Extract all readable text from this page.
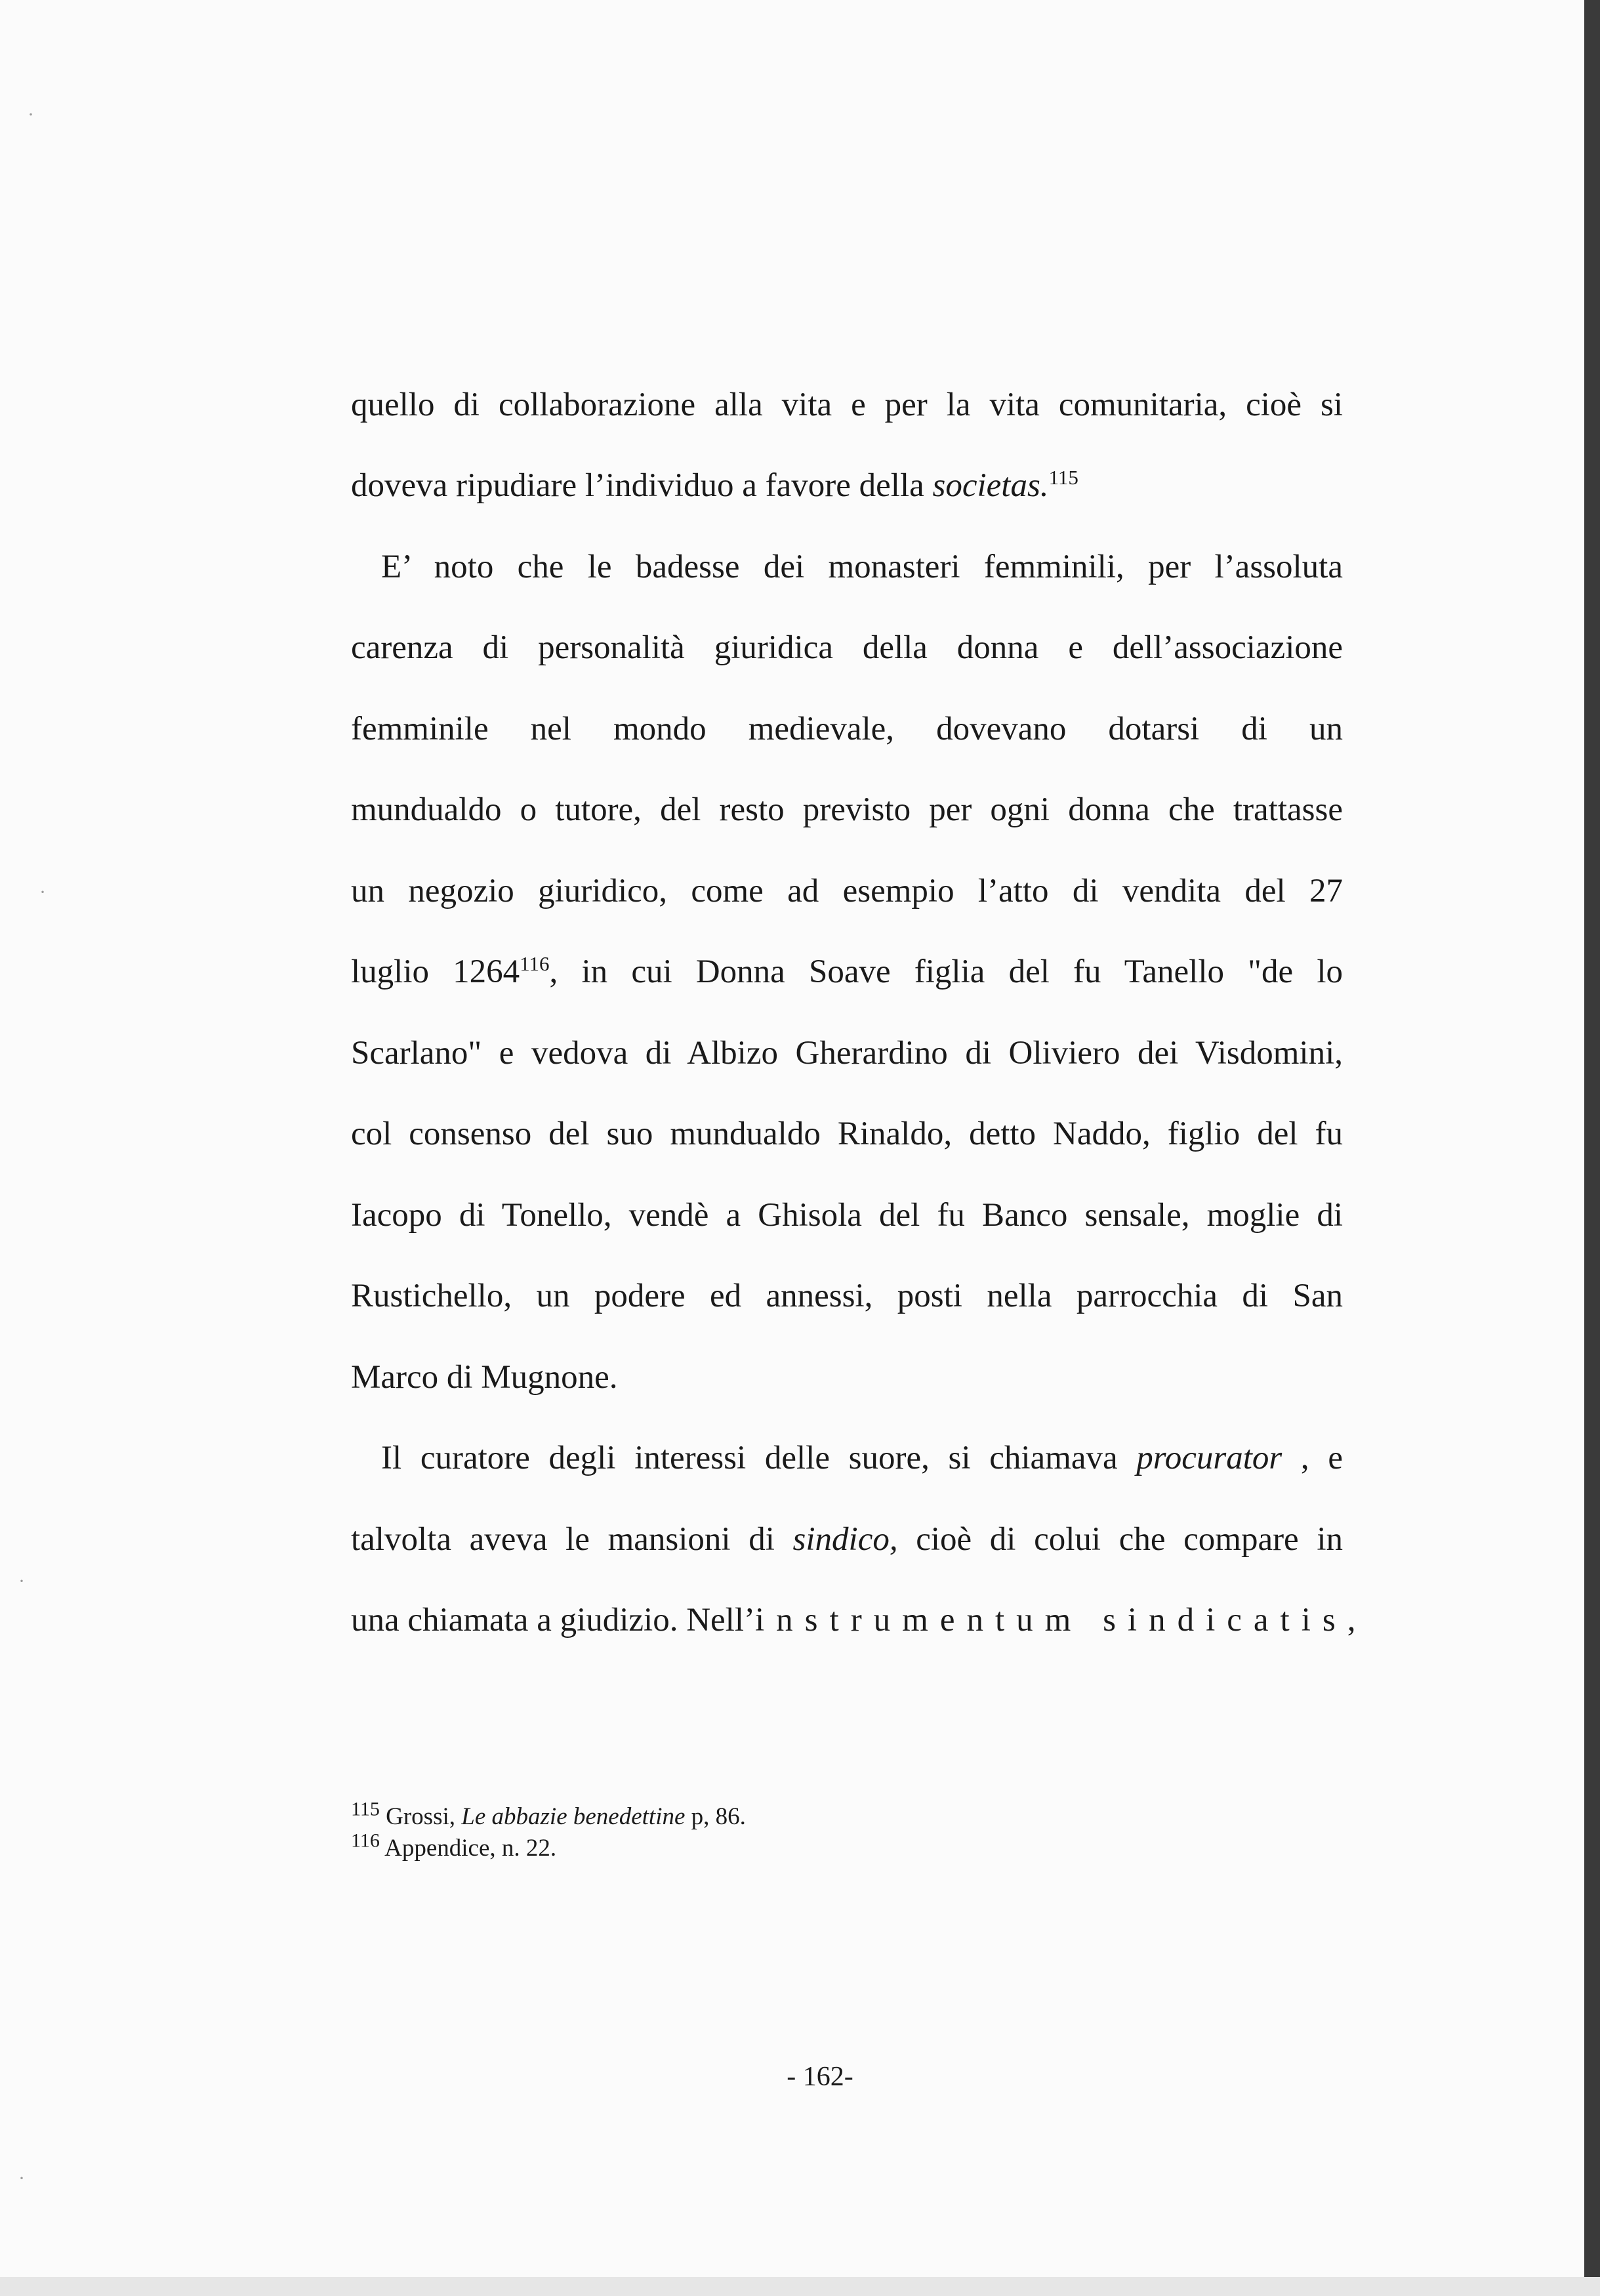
·
·
·
·
quello di collaborazione alla vita e per la vita comunitaria, cioè si
doveva ripudiare l’individuo a favore della societas.$^{115}$
E’ noto che le badesse dei monasteri femminili, per l’assoluta
carenza di personalità giuridica della donna e dell’associazione
femminile nel mondo medievale, dovevano dotarsi di un
mundualdo o tutore, del resto previsto per ogni donna che trattasse
un negozio giuridico, come ad esempio l’atto di vendita del 27
luglio 1264$^{116}$, in cui Donna Soave figlia del fu Tanello "de lo
Scarlano" e vedova di Albizo Gherardino di Oliviero dei Visdomini,
col consenso del suo mundualdo Rinaldo, detto Naddo, figlio del fu
Iacopo di Tonello, vendè a Ghisola del fu Banco sensale, moglie di
Rustichello, un podere ed annessi, posti nella parrocchia di San
Marco di Mugnone.
Il curatore degli interessi delle suore, si chiamava procurator , e
talvolta aveva le mansioni di sindico, cioè di colui che compare in
una chiamata a giudizio. Nell’instrumentum sindicatis,
$^{115}$ Grossi, Le abbazie benedettine p, 86.
$^{116}$ Appendice, n. 22.
- 162-
